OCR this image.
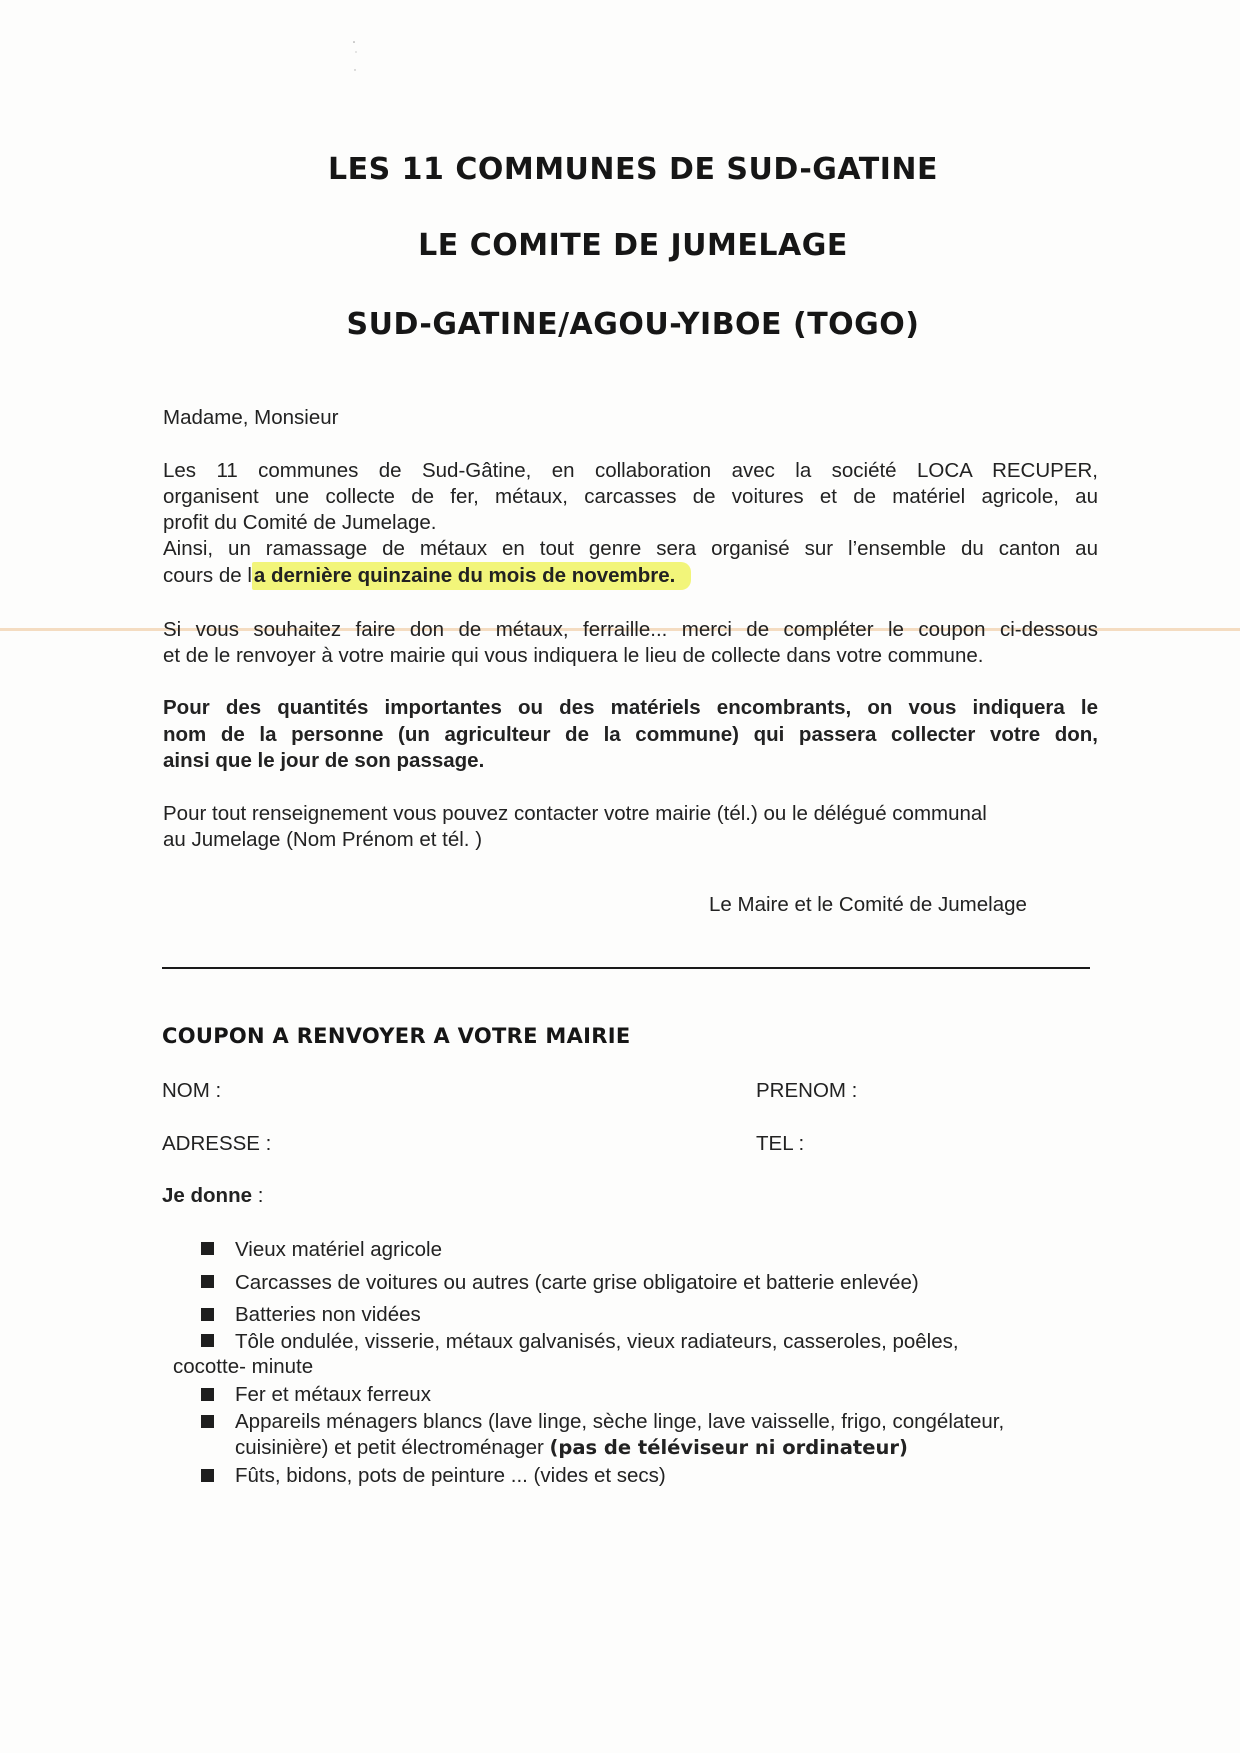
LES 11 COMMUNES DE SUD-GATINE
LE COMITE DE JUMELAGE
SUD-GATINE/AGOU-YIBOE (TOGO)

Madame, Monsieur

Les 11 communes de Sud-Gâtine, en collaboration avec la société LOCA RECUPER,

organisent une collecte de fer, métaux, carcasses de voitures et de matériel agricole, au

profit du Comité de Jumelage.

Ainsi, un ramassage de métaux en tout genre sera organisé sur l’ensemble du canton au

cours de la dernière quinzaine du mois de novembre.

Si vous souhaitez faire don de métaux, ferraille... merci de compléter le coupon ci-dessous

et de le renvoyer à votre mairie qui vous indiquera le lieu de collecte dans votre commune.

Pour des quantités importantes ou des matériels encombrants, on vous indiquera le

nom de la personne (un agriculteur de la commune) qui passera collecter votre don,

ainsi que le jour de son passage.

Pour tout renseignement vous pouvez contacter votre mairie (tél.) ou le délégué communal

au Jumelage (Nom Prénom et tél. )

Le Maire et le Comité de Jumelage

COUPON A RENVOYER A VOTRE MAIRIE

NOM :	PRENOM :

ADRESSE :	TEL :

Je donne :

Vieux matériel agricole
Carcasses de voitures ou autres (carte grise obligatoire et batterie enlevée)
Batteries non vidées
Tôle ondulée, visserie, métaux galvanisés, vieux radiateurs, casseroles, poêles,
cocotte- minute
Fer et métaux ferreux
Appareils ménagers blancs (lave linge, sèche linge, lave vaisselle, frigo, congélateur,
cuisinière) et petit électroménager (pas de téléviseur ni ordinateur)
Fûts, bidons, pots de peinture ... (vides et secs)
